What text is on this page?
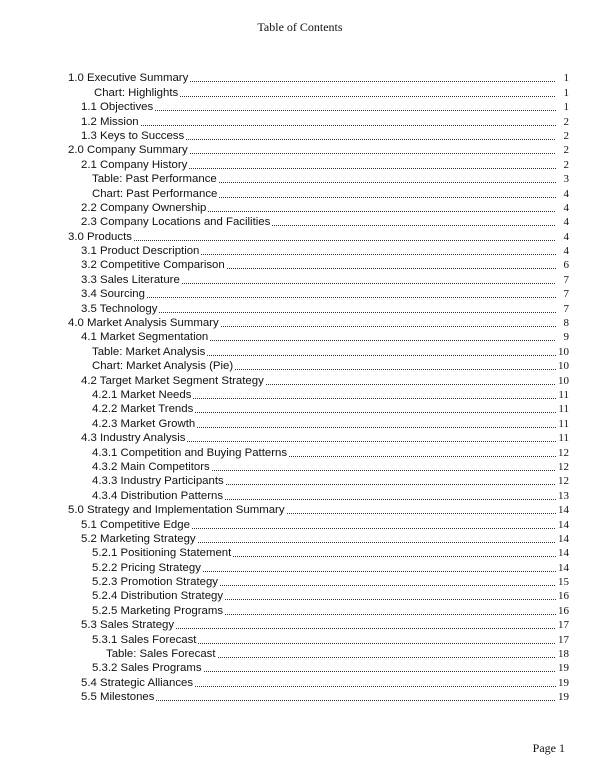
Table of Contents
1.0 Executive Summary	1
Chart: Highlights	1
1.1 Objectives	1
1.2 Mission	2
1.3 Keys to Success	2
2.0 Company Summary	2
2.1 Company History	2
Table: Past Performance	3
Chart: Past Performance	4
2.2 Company Ownership	4
2.3 Company Locations and Facilities	4
3.0 Products	4
3.1 Product Description	4
3.2 Competitive Comparison	6
3.3 Sales Literature	7
3.4 Sourcing	7
3.5 Technology	7
4.0 Market Analysis Summary	8
4.1 Market Segmentation	9
Table: Market Analysis	10
Chart: Market Analysis (Pie)	10
4.2 Target Market Segment Strategy	10
4.2.1 Market Needs	11
4.2.2 Market Trends	11
4.2.3 Market Growth	11
4.3 Industry Analysis	11
4.3.1 Competition and Buying Patterns	12
4.3.2 Main Competitors	12
4.3.3 Industry Participants	12
4.3.4 Distribution Patterns	13
5.0 Strategy and Implementation Summary	14
5.1 Competitive Edge	14
5.2 Marketing Strategy	14
5.2.1 Positioning Statement	14
5.2.2 Pricing Strategy	14
5.2.3 Promotion Strategy	15
5.2.4 Distribution Strategy	16
5.2.5 Marketing Programs	16
5.3 Sales Strategy	17
5.3.1 Sales Forecast	17
Table: Sales Forecast	18
5.3.2 Sales Programs	19
5.4 Strategic Alliances	19
5.5 Milestones	19
Page 1
